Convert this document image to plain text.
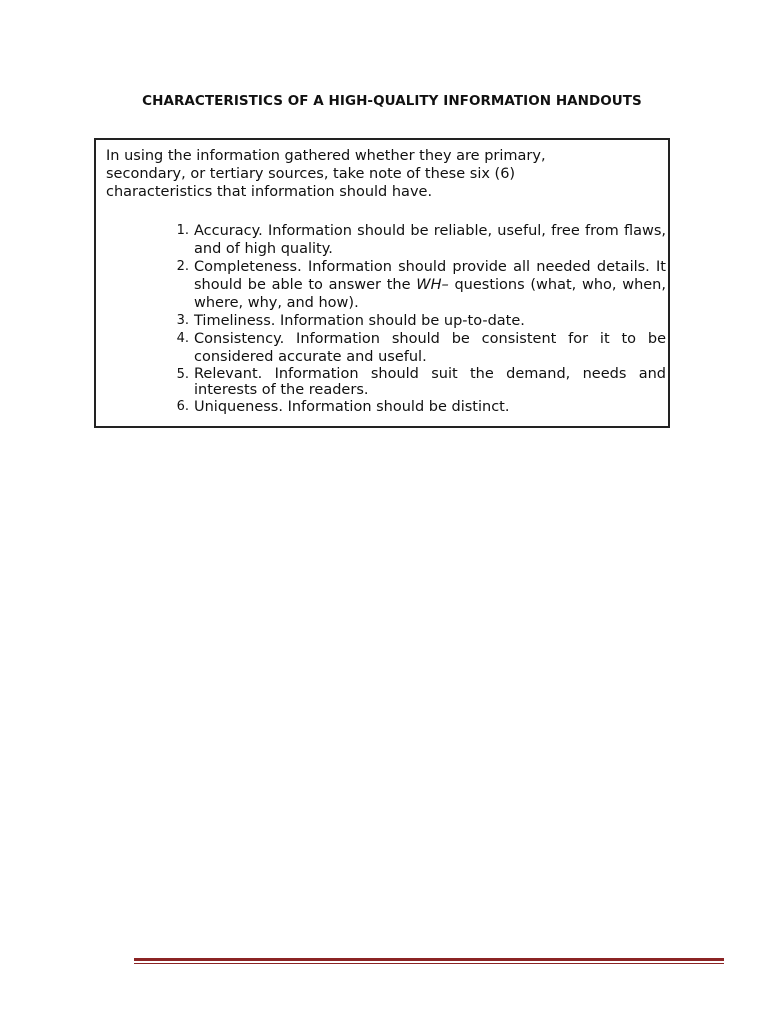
CHARACTERISTICS OF A HIGH-QUALITY INFORMATION HANDOUTS
In using the information gathered whether they are primary, secondary, or tertiary sources, take note of these six (6) characteristics that information should have.
1. Accuracy. Information should be reliable, useful, free from flaws, and of high quality.
2. Completeness. Information should provide all needed details. It should be able to answer the WH– questions (what, who, when, where, why, and how).
3. Timeliness. Information should be up-to-date.
4. Consistency. Information should be consistent for it to be considered accurate and useful.
5. Relevant. Information should suit the demand, needs and interests of the readers.
6. Uniqueness. Information should be distinct.
